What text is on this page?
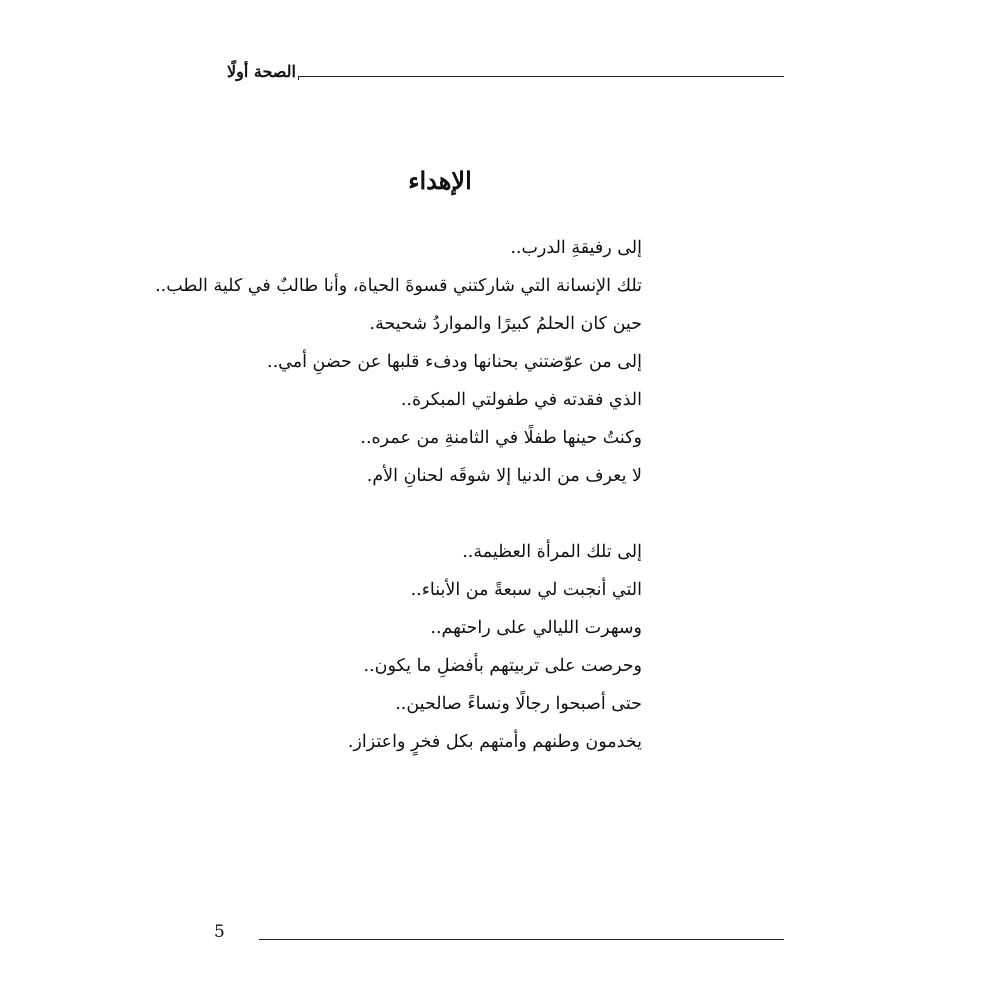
الصحة أولًا
الإهداء
إلى رفيقةِ الدرب..
تلك الإنسانة التي شاركتني قسوةَ الحياة، وأنا طالبٌ في كلية الطب..
حين كان الحلمُ كبيرًا والمواردُ شحيحة.
إلى من عوّضتني بحنانها ودفء قلبها عن حضنِ أمي..
الذي فقدته في طفولتي المبكرة..
وكنتُ حينها طفلًا في الثامنةِ من عمره..
لا يعرف من الدنيا إلا شوقَه لحنانِ الأم.
إلى تلك المرأة العظيمة..
التي أنجبت لي سبعةً من الأبناء..
وسهرت الليالي على راحتهم..
وحرصت على تربيتهم بأفضلِ ما يكون..
حتى أصبحوا رجالًا ونساءً صالحين..
يخدمون وطنهم وأمتهم بكل فخرٍ واعتزاز.
5
